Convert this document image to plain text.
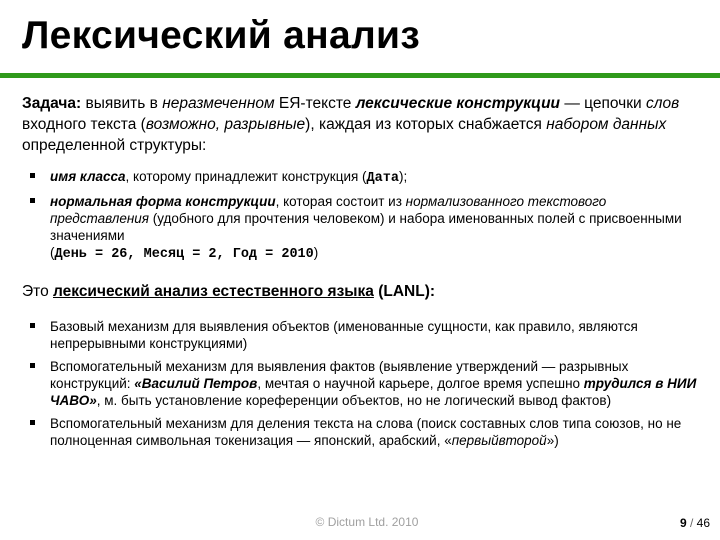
Лексический анализ

Задача: выявить в неразмеченном ЕЯ-тексте лексические конструкции — цепочки слов входного текста (возможно, разрывные), каждая из которых снабжается набором данных определенной структуры:

имя класса, которому принадлежит конструкция (Дата);
нормальная форма конструкции, которая состоит из нормализованного текстового представления (удобного для прочтения человеком) и набора именованных полей с присвоенными значениями
(День = 26, Месяц = 2, Год = 2010)

Это лексический анализ естественного языка (LANL):

Базовый механизм для выявления объектов (именованные сущности, как правило, являются непрерывными конструкциями)
Вспомогательный механизм для выявления фактов (выявление утверждений — разрывных конструкций: «Василий Петров, мечтая о научной карьере, долгое время успешно трудился в НИИ ЧАВО», м. быть установление кореференции объектов, но не логический вывод фактов)
Вспомогательный механизм для деления текста на слова (поиск составных слов типа союзов, но не полноценная символьная токенизация — японский, арабский, «первыйвторой»)
© Dictum Ltd. 2010	9 / 46
